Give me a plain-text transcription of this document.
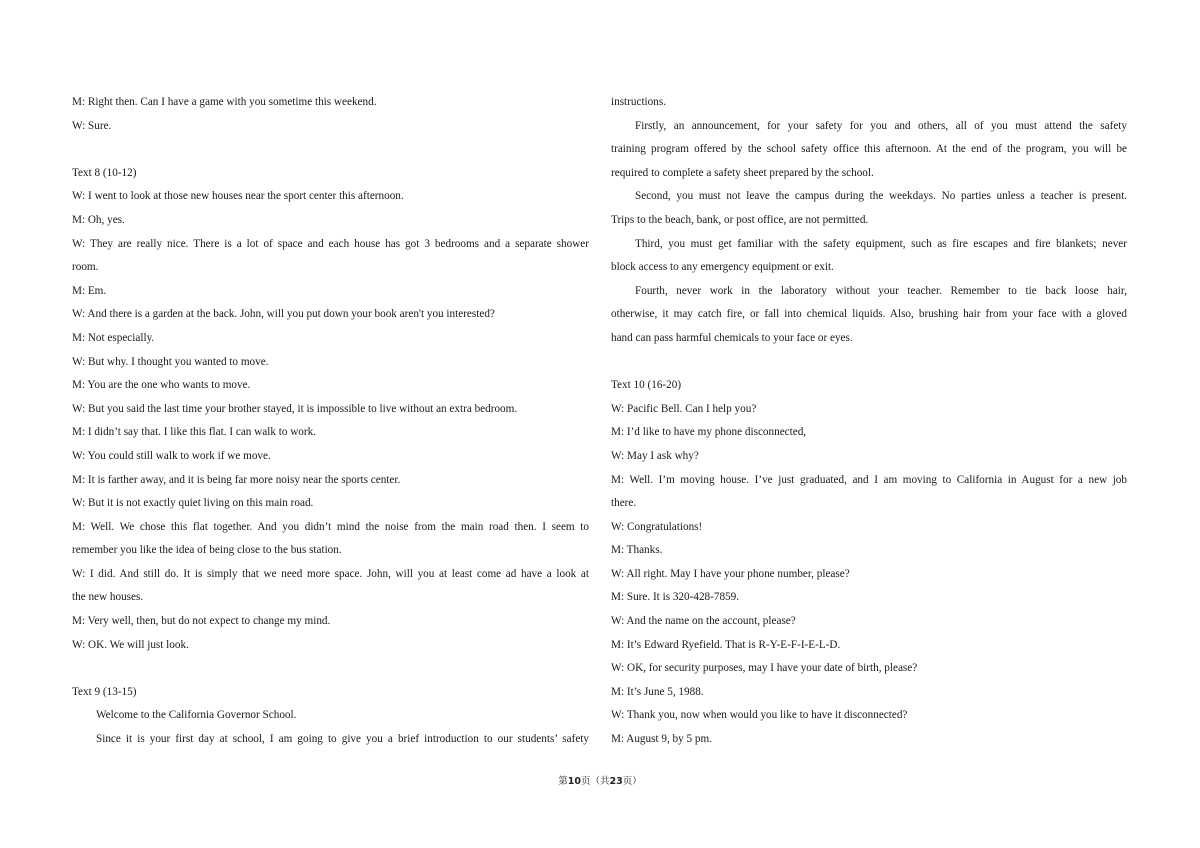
M: Right then. Can I have a game with you sometime this weekend.
W: Sure.
Text 8 (10-12)
W: I went to look at those new houses near the sport center this afternoon.
M: Oh, yes.
W: They are really nice. There is a lot of space and each house has got 3 bedrooms and a separate shower
room.
M: Em.
W: And there is a garden at the back. John, will you put down your book aren't you interested?
M: Not especially.
W: But why. I thought you wanted to move.
M: You are the one who wants to move.
W: But you said the last time your brother stayed, it is impossible to live without an extra bedroom.
M: I didn’t say that. I like this flat. I can walk to work.
W: You could still walk to work if we move.
M: It is farther away, and it is being far more noisy near the sports center.
W: But it is not exactly quiet living on this main road.
M: Well. We chose this flat together. And you didn’t mind the noise from the main road then. I seem to
remember you like the idea of being close to the bus station.
W: I did. And still do. It is simply that we need more space. John, will you at least come ad have a look at
the new houses.
M: Very well, then, but do not expect to change my mind.
W: OK. We will just look.
Text 9 (13-15)
Welcome to the California Governor School.
Since it is your first day at school, I am going to give you a brief introduction to our students’ safety
instructions.
Firstly, an announcement, for your safety for you and others, all of you must attend the safety
training program offered by the school safety office this afternoon. At the end of the program, you will be
required to complete a safety sheet prepared by the school.
Second, you must not leave the campus during the weekdays. No parties unless a teacher is present.
Trips to the beach, bank, or post office, are not permitted.
Third, you must get familiar with the safety equipment, such as fire escapes and fire blankets; never
block access to any emergency equipment or exit.
Fourth, never work in the laboratory without your teacher. Remember to tie back loose hair,
otherwise, it may catch fire, or fall into chemical liquids. Also, brushing hair from your face with a gloved
hand can pass harmful chemicals to your face or eyes.
Text 10 (16-20)
W: Pacific Bell. Can I help you?
M: I’d like to have my phone disconnected,
W: May I ask why?
M: Well. I’m moving house. I’ve just graduated, and I am moving to California in August for a new job
there.
W: Congratulations!
M: Thanks.
W: All right. May I have your phone number, please?
M: Sure. It is 320-428-7859.
W: And the name on the account, please?
M: It’s Edward Ryefield. That is R-Y-E-F-I-E-L-D.
W: OK, for security purposes, may I have your date of birth, please?
M: It’s June 5, 1988.
W: Thank you, now when would you like to have it disconnected?
M: August 9, by 5 pm.
第10页（共23页）
